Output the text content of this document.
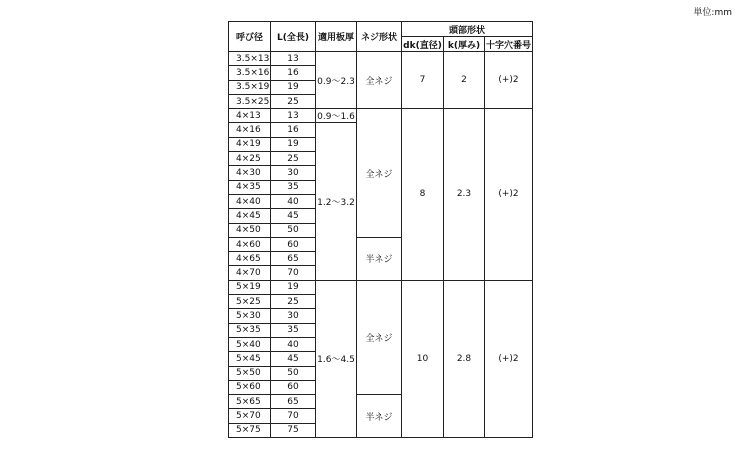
単位:mm
呼び径	L(全長)	適用板厚	ネジ形状	頭部形状		
				dk(直径)	k(厚み)	十字穴番号
3.5×13	13	0.9〜2.3	全ネジ	7	2	(+)2
3.5×16	16					
3.5×19	19					
3.5×25	25					
4×13	13	0.9〜1.6	全ネジ	8	2.3	(+)2
4×16	16	1.2〜3.2				
4×19	19					
4×25	25					
4×30	30					
4×35	35					
4×40	40					
4×45	45					
4×50	50					
4×60	60		半ネジ			
4×65	65					
4×70	70					
5×19	19	1.6〜4.5	全ネジ	10	2.8	(+)2
5×25	25					
5×30	30					
5×35	35					
5×40	40					
5×45	45					
5×50	50					
5×60	60					
5×65	65		半ネジ			
5×70	70					
5×75	75					
